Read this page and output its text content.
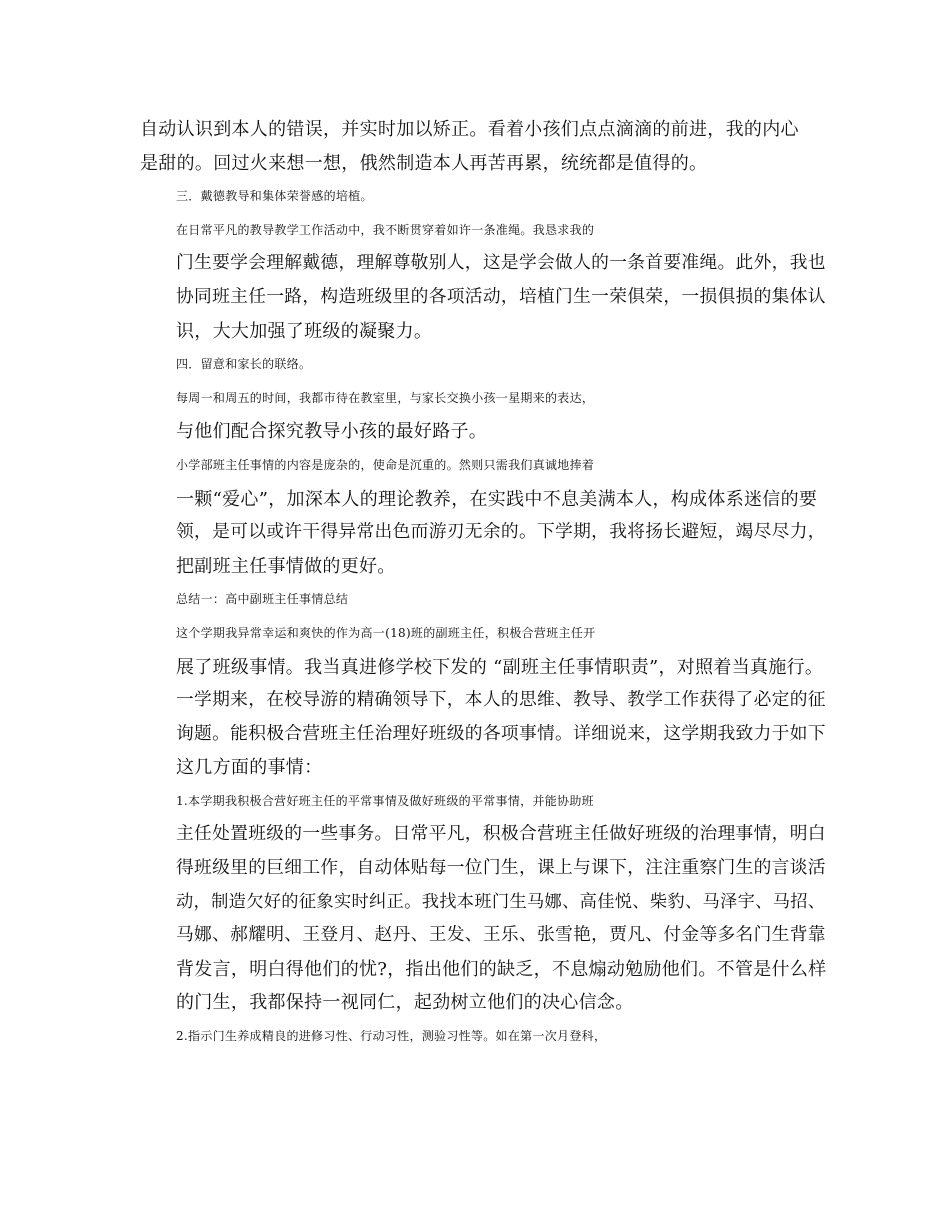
自动认识到本人的错误，并实时加以矫正。看着小孩们点点滴滴的前进，我的内心
是甜的。回过火来想一想，俄然制造本人再苦再累，统统都是值得的。
三．戴德教导和集体荣誉感的培植。
在日常平凡的教导教学工作活动中，我不断贯穿着如许一条准绳。我恳求我的
门生要学会理解戴德，理解尊敬别人，这是学会做人的一条首要准绳。此外，我也
协同班主任一路，构造班级里的各项活动，培植门生一荣俱荣，一损俱损的集体认
识，大大加强了班级的凝聚力。
四．留意和家长的联络。
每周一和周五的时间，我都市待在教室里，与家长交换小孩一星期来的表达，
与他们配合探究教导小孩的最好路子。
小学部班主任事情的内容是庞杂的，使命是沉重的。然则只需我们真诚地捧着
一颗“爱心”，加深本人的理论教养，在实践中不息美满本人，构成体系迷信的要
领，是可以或许干得异常出色而游刃无余的。下学期，我将扬长避短，竭尽尽力，
把副班主任事情做的更好。
总结一：高中副班主任事情总结
这个学期我异常幸运和爽快的作为高一(18)班的副班主任，积极合营班主任开
展了班级事情。我当真进修学校下发的 “副班主任事情职责”，对照着当真施行。
一学期来，在校导游的精确领导下，本人的思维、教导、教学工作获得了必定的征
询题。能积极合营班主任治理好班级的各项事情。详细说来，这学期我致力于如下
这几方面的事情：
1.本学期我积极合营好班主任的平常事情及做好班级的平常事情，并能协助班
主任处置班级的一些事务。日常平凡，积极合营班主任做好班级的治理事情，明白
得班级里的巨细工作，自动体贴每一位门生，课上与课下，注注重察门生的言谈活
动，制造欠好的征象实时纠正。我找本班门生马娜、高佳悦、柴豹、马泽宇、马招、
马娜、郝耀明、王登月、赵丹、王发、王乐、张雪艳，贾凡、付金等多名门生背靠
背发言，明白得他们的忧?，指出他们的缺乏，不息煽动勉励他们。不管是什么样
的门生，我都保持一视同仁，起劲树立他们的决心信念。
2.指示门生养成精良的进修习性、行动习性，测验习性等。如在第一次月登科，
